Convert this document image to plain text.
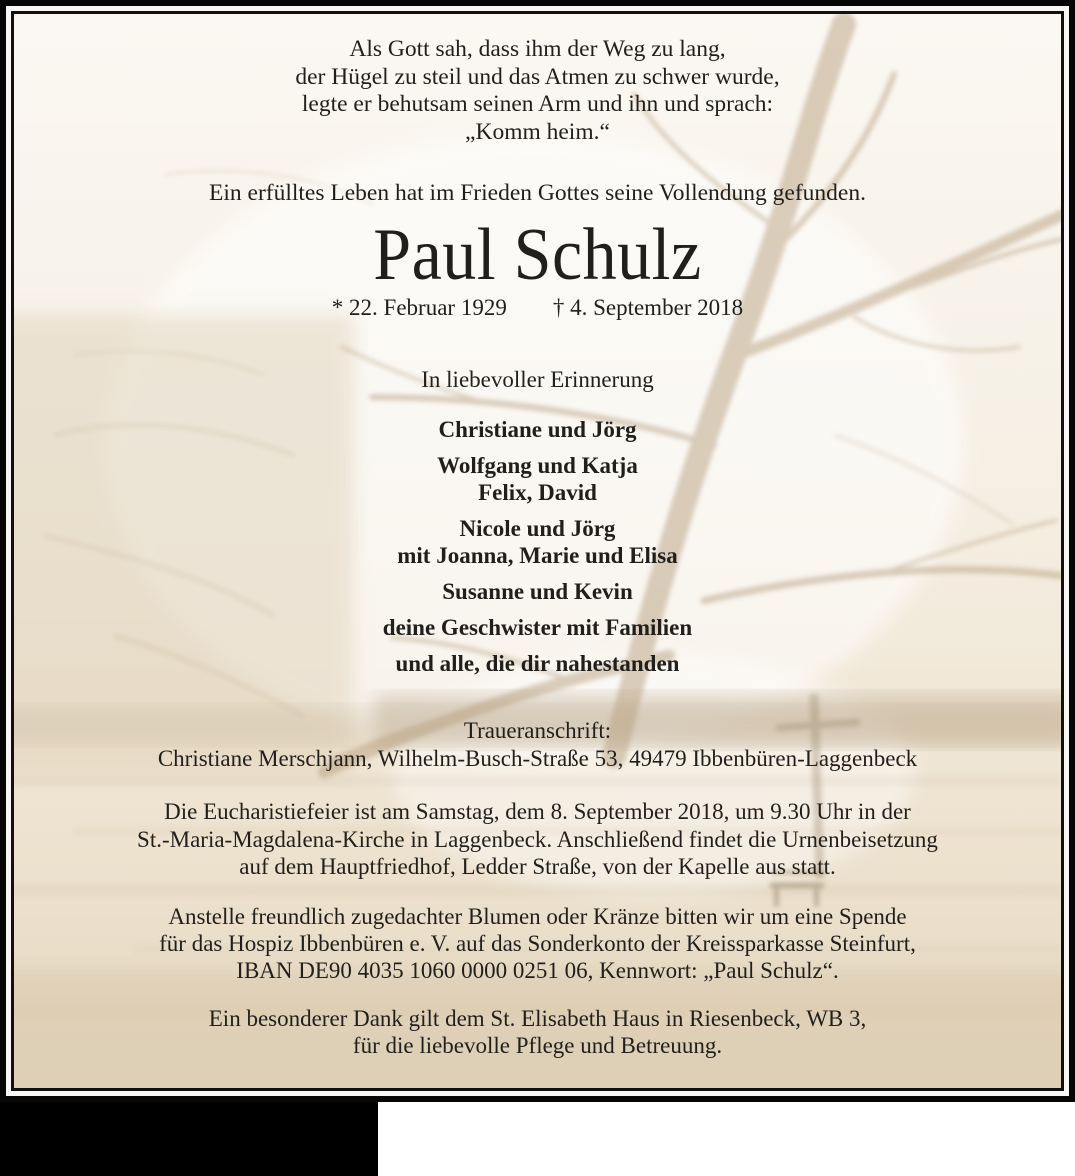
Als Gott sah, dass ihm der Weg zu lang,
der Hügel zu steil und das Atmen zu schwer wurde,
legte er behutsam seinen Arm und ihn und sprach:
„Komm heim.“
Ein erfülltes Leben hat im Frieden Gottes seine Vollendung gefunden.
Paul Schulz
* 22. Februar 1929 † 4. September 2018
In liebevoller Erinnerung
Christiane und Jörg
Wolfgang und Katja
Felix, David
Nicole und Jörg
mit Joanna, Marie und Elisa
Susanne und Kevin
deine Geschwister mit Familien
und alle, die dir nahestanden
Traueranschrift:
Christiane Merschjann, Wilhelm-Busch-Straße 53, 49479 Ibbenbüren-Laggenbeck
Die Eucharistiefeier ist am Samstag, dem 8. September 2018, um 9.30 Uhr in der
St.-Maria-Magdalena-Kirche in Laggenbeck. Anschließend findet die Urnenbeisetzung
auf dem Hauptfriedhof, Ledder Straße, von der Kapelle aus statt.
Anstelle freundlich zugedachter Blumen oder Kränze bitten wir um eine Spende
für das Hospiz Ibbenbüren e. V. auf das Sonderkonto der Kreissparkasse Steinfurt,
IBAN DE90 4035 1060 0000 0251 06, Kennwort: „Paul Schulz“.
Ein besonderer Dank gilt dem St. Elisabeth Haus in Riesenbeck, WB 3,
für die liebevolle Pflege und Betreuung.
